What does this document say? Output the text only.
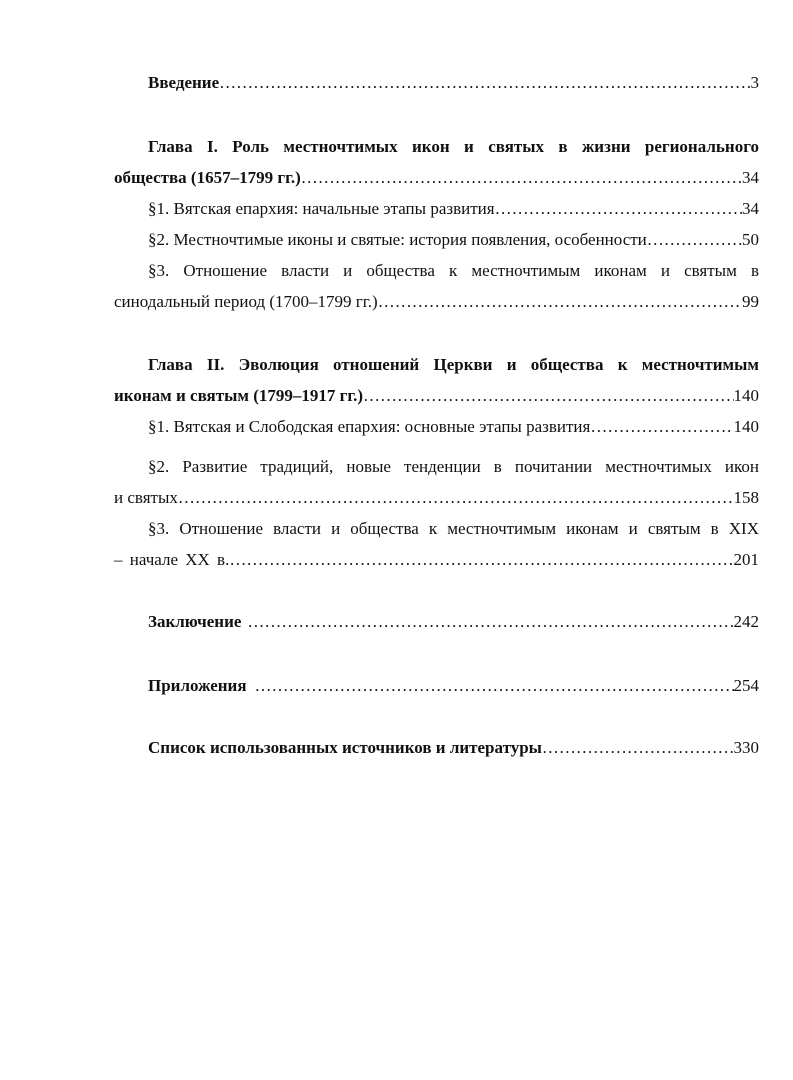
Введение …………………………………………………………………………………………………………………………………………………………………………………………………………	3
Глава I. Роль местночтимых икон и святых в жизни регионального
общества (1657–1799 гг.) …………………………………………………………………………………………………………………………………………………………………………………………………………	34
§1. Вятская епархия: начальные этапы развития …………………………………………………………………………………………………………………………………………………………………………………………………………	34
§2. Местночтимые иконы и святые: история появления, особенности …………………………………………………………………………………………………………………………………………………………………………………………………………	50
§3. Отношение власти и общества к местночтимым иконам и святым в
синодальный период (1700–1799 гг.) …………………………………………………………………………………………………………………………………………………………………………………………………………	99
Глава II. Эволюция отношений Церкви и общества к местночтимым
иконам и святым (1799–1917 гг.) …………………………………………………………………………………………………………………………………………………………………………………………………………	140
§1. Вятская и Слободская епархия: основные этапы развития …………………………………………………………………………………………………………………………………………………………………………………………………………	140
§2. Развитие традиций, новые тенденции в почитании местночтимых икон
и святых …………………………………………………………………………………………………………………………………………………………………………………………………………	158
§3. Отношение власти и общества к местночтимым иконам и святым в XIX
– начале XX в. …………………………………………………………………………………………………………………………………………………………………………………………………………	201
Заключение …………………………………………………………………………………………………………………………………………………………………………………………………………	242
Приложения …………………………………………………………………………………………………………………………………………………………………………………………………………	254
Список использованных источников и литературы …………………………………………………………………………………………………………………………………………………………………………………………………………	330
